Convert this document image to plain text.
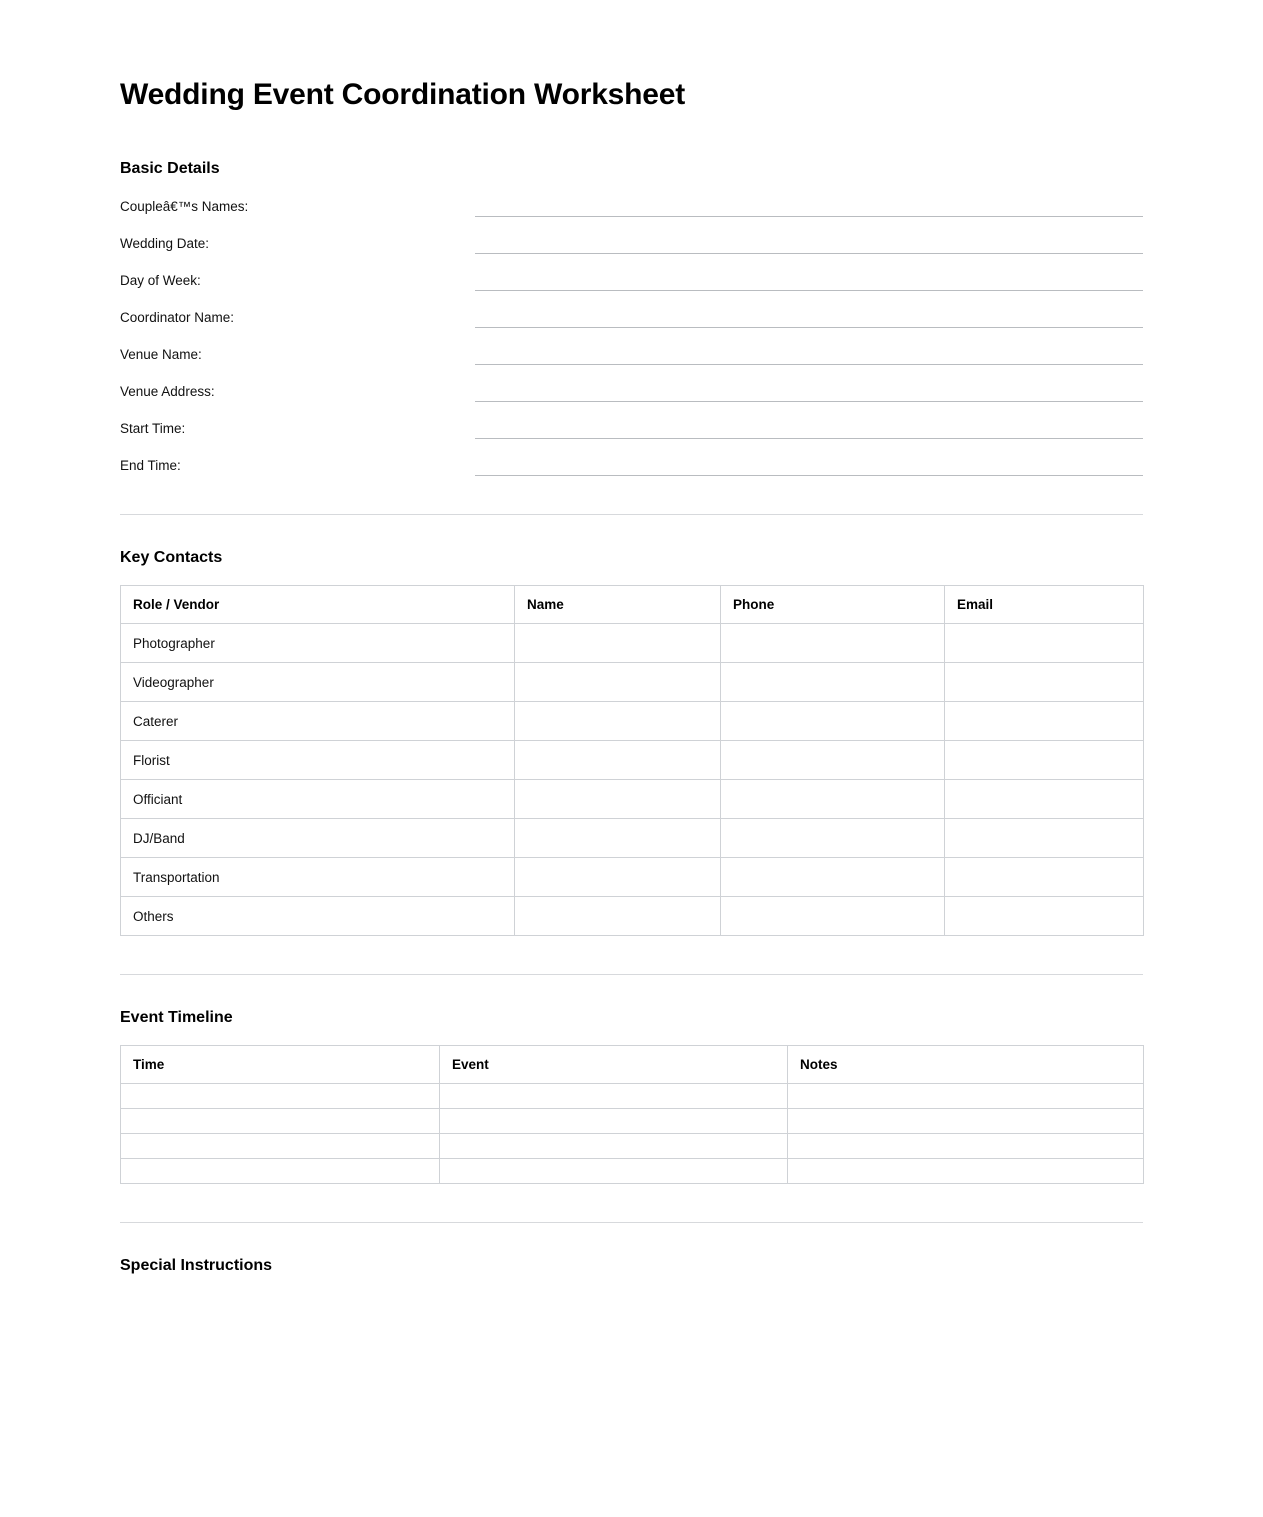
Wedding Event Coordination Worksheet
Basic Details
Coupleâ€™s Names:
Wedding Date:
Day of Week:
Coordinator Name:
Venue Name:
Venue Address:
Start Time:
End Time:
Key Contacts
Role / Vendor	Name	Phone	Email
Photographer			
Videographer			
Caterer			
Florist			
Officiant			
DJ/Band			
Transportation			
Others			
Event Timeline
Time	Event	Notes

Special Instructions
